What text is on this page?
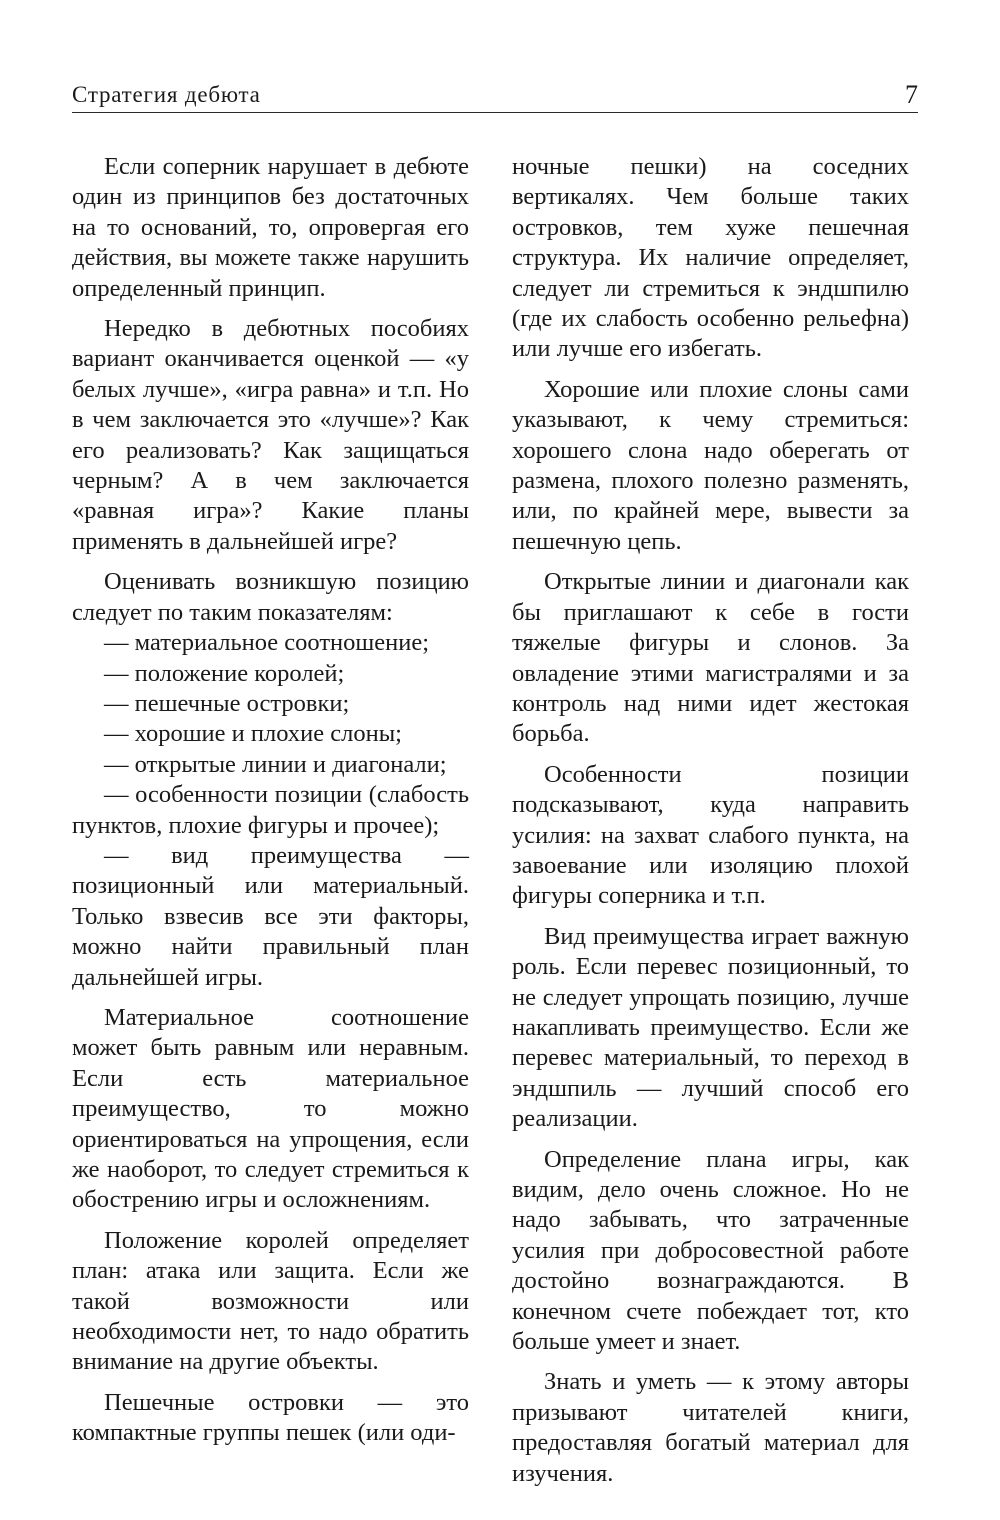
Стратегия дебюта	7

Если соперник нарушает в дебюте один из принципов без достаточных на то оснований, то, опровергая его действия, вы можете также нарушить определенный принцип.

Нередко в дебютных пособиях вариант оканчивается оценкой — «у белых лучше», «игра равна» и т.п. Но в чем заключается это «лучше»? Как его реализовать? Как защищаться черным? А в чем заключается «равная игра»? Какие планы применять в дальнейшей игре?

Оценивать возникшую позицию следует по таким показателям:

— материальное соотношение;

— положение королей;

— пешечные островки;

— хорошие и плохие слоны;

— открытые линии и диагонали;

— особенности позиции (слабость пунктов, плохие фигуры и прочее);

— вид преимущества — позиционный или материальный. Только взвесив все эти факторы, можно найти правильный план дальнейшей игры.

Материальное соотношение может быть равным или неравным. Если есть материальное преимущество, то можно ориентироваться на упрощения, если же наоборот, то следует стремиться к обострению игры и осложнениям.

Положение королей определяет план: атака или защита. Если же такой возможности или необходимости нет, то надо обратить внимание на другие объекты.

Пешечные островки — это компактные группы пешек (или оди-

ночные пешки) на соседних вертикалях. Чем больше таких островков, тем хуже пешечная структура. Их наличие определяет, следует ли стремиться к эндшпилю (где их слабость особенно рельефна) или лучше его избегать.

Хорошие или плохие слоны сами указывают, к чему стремиться: хорошего слона надо оберегать от размена, плохого полезно разменять, или, по крайней мере, вывести за пешечную цепь.

Открытые линии и диагонали как бы приглашают к себе в гости тяжелые фигуры и слонов. За овладение этими магистралями и за контроль над ними идет жестокая борьба.

Особенности позиции подсказывают, куда направить усилия: на захват слабого пункта, на завоевание или изоляцию плохой фигуры соперника и т.п.

Вид преимущества играет важную роль. Если перевес позиционный, то не следует упрощать позицию, лучше накапливать преимущество. Если же перевес материальный, то переход в эндшпиль — лучший способ его реализации.

Определение плана игры, как видим, дело очень сложное. Но не надо забывать, что затраченные усилия при добросовестной работе достойно вознаграждаются. В конечном счете побеждает тот, кто больше умеет и знает.

Знать и уметь — к этому авторы призывают читателей книги, предоставляя богатый материал для изучения.
